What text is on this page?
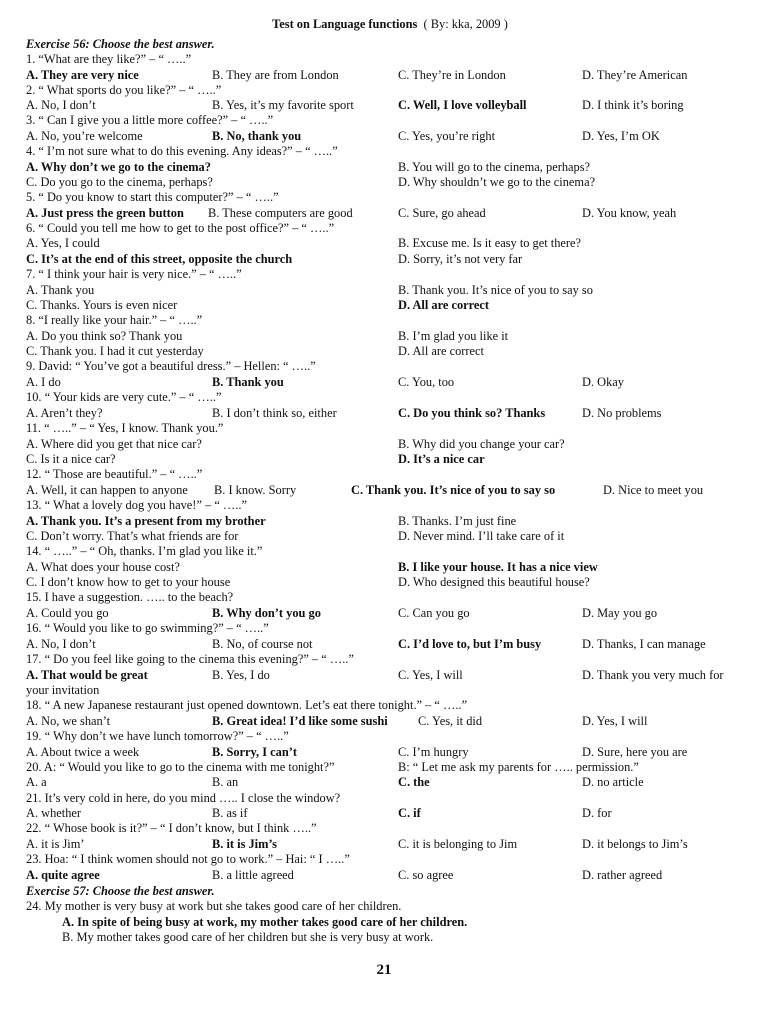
Test on Language functions ( By: kka, 2009 )
Exercise 56: Choose the best answer.
1. “What are they like?” – “ …..”
A. They are very nice	B. They are from London	C. They’re in London	D. They’re American
2. “ What sports do you like?” – “ …..”
A. No, I don’t	B. Yes, it’s my favorite sport	C. Well, I love volleyball	D. I think it’s boring
3. “ Can I give you a little more coffee?” – “ …..”
A. No, you’re welcome	B. No, thank you	C. Yes, you’re right	D. Yes, I’m OK
4. “ I’m not sure what to do this evening. Any ideas?” – “ …..”
A. Why don’t we go to the cinema?	B. You will go to the cinema, perhaps?
C. Do you go to the cinema, perhaps?	D. Why shouldn’t we go to the cinema?
5. “ Do you know to start this computer?” – “ …..”
A. Just press the green button B. These computers are good	C. Sure, go ahead	D. You know, yeah
6. “ Could you tell me how to get to the post office?” – “ …..”
A. Yes, I could	B. Excuse me. Is it easy to get there?
C. It’s at the end of this street, opposite the church	D. Sorry, it’s not very far
7. “ I think your hair is very nice.” – “ …..”
A. Thank you	B. Thank you. It’s nice of you to say so
C. Thanks. Yours is even nicer	D. All are correct
8. “I really like your hair.” – “ …..”
A. Do you think so? Thank you	B. I’m glad you like it
C. Thank you. I had it cut yesterday	D. All are correct
9. David: “ You’ve got a beautiful dress.” – Hellen: “ …..”
A. I do	B. Thank you	C. You, too	D. Okay
10. “ Your kids are very cute.” – “ …..”
A. Aren’t they?	B. I don’t think so, either	C. Do you think so? Thanks	D. No problems
11. “ …..” – “ Yes, I know. Thank you.”
A. Where did you get that nice car?	B. Why did you change your car?
C. Is it a nice car?	D. It’s a nice car
12. “ Those are beautiful.” – “ …..”
A. Well, it can happen to anyone B. I know. Sorry	C. Thank you. It’s nice of you to say so	D. Nice to meet you
13. “ What a lovely dog you have!” – “ …..”
A. Thank you. It’s a present from my brother	B. Thanks. I’m just fine
C. Don’t worry. That’s what friends are for	D. Never mind. I’ll take care of it
14. “ …..” – “ Oh, thanks. I’m glad you like it.”
A. What does your house cost?	B. I like your house. It has a nice view
C. I don’t know how to get to your house	D. Who designed this beautiful house?
15. I have a suggestion. ….. to the beach?
A. Could you go	B. Why don’t you go	C. Can you go	D. May you go
16. “ Would you like to go swimming?” – “ …..”
A. No, I don’t	B. No, of course not	C. I’d love to, but I’m busy	D. Thanks, I can manage
17. “ Do you feel like going to the cinema this evening?” – “ …..”
A. That would be great	B. Yes, I do	C. Yes, I will	D. Thank you very much for
your invitation
18. “ A new Japanese restaurant just opened downtown. Let’s eat there tonight.” – “ …..”
A. No, we shan’t	B. Great idea! I’d like some sushi C. Yes, it did	D. Yes, I will
19. “ Why don’t we have lunch tomorrow?” – “ …..”
A. About twice a week	B. Sorry, I can’t	C. I’m hungry	D. Sure, here you are
20. A: “ Would you like to go to the cinema with me tonight?”	B: “ Let me ask my parents for ….. permission.”
A. a	B. an	C. the	D. no article
21. It’s very cold in here, do you mind ….. I close the window?
A. whether	B. as if	C. if	D. for
22. “ Whose book is it?” – “ I don’t know, but I think …..”
A. it is Jim’	B. it is Jim’s	C. it is belonging to Jim	D. it belongs to Jim’s
23. Hoa: “ I think women should not go to work.” – Hai: “ I …..”
A. quite agree	B. a little agreed	C. so agree	D. rather agreed
Exercise 57: Choose the best answer.
24. My mother is very busy at work but she takes good care of her children.
A. In spite of being busy at work, my mother takes good care of her children.
B. My mother takes good care of her children but she is very busy at work.
21
